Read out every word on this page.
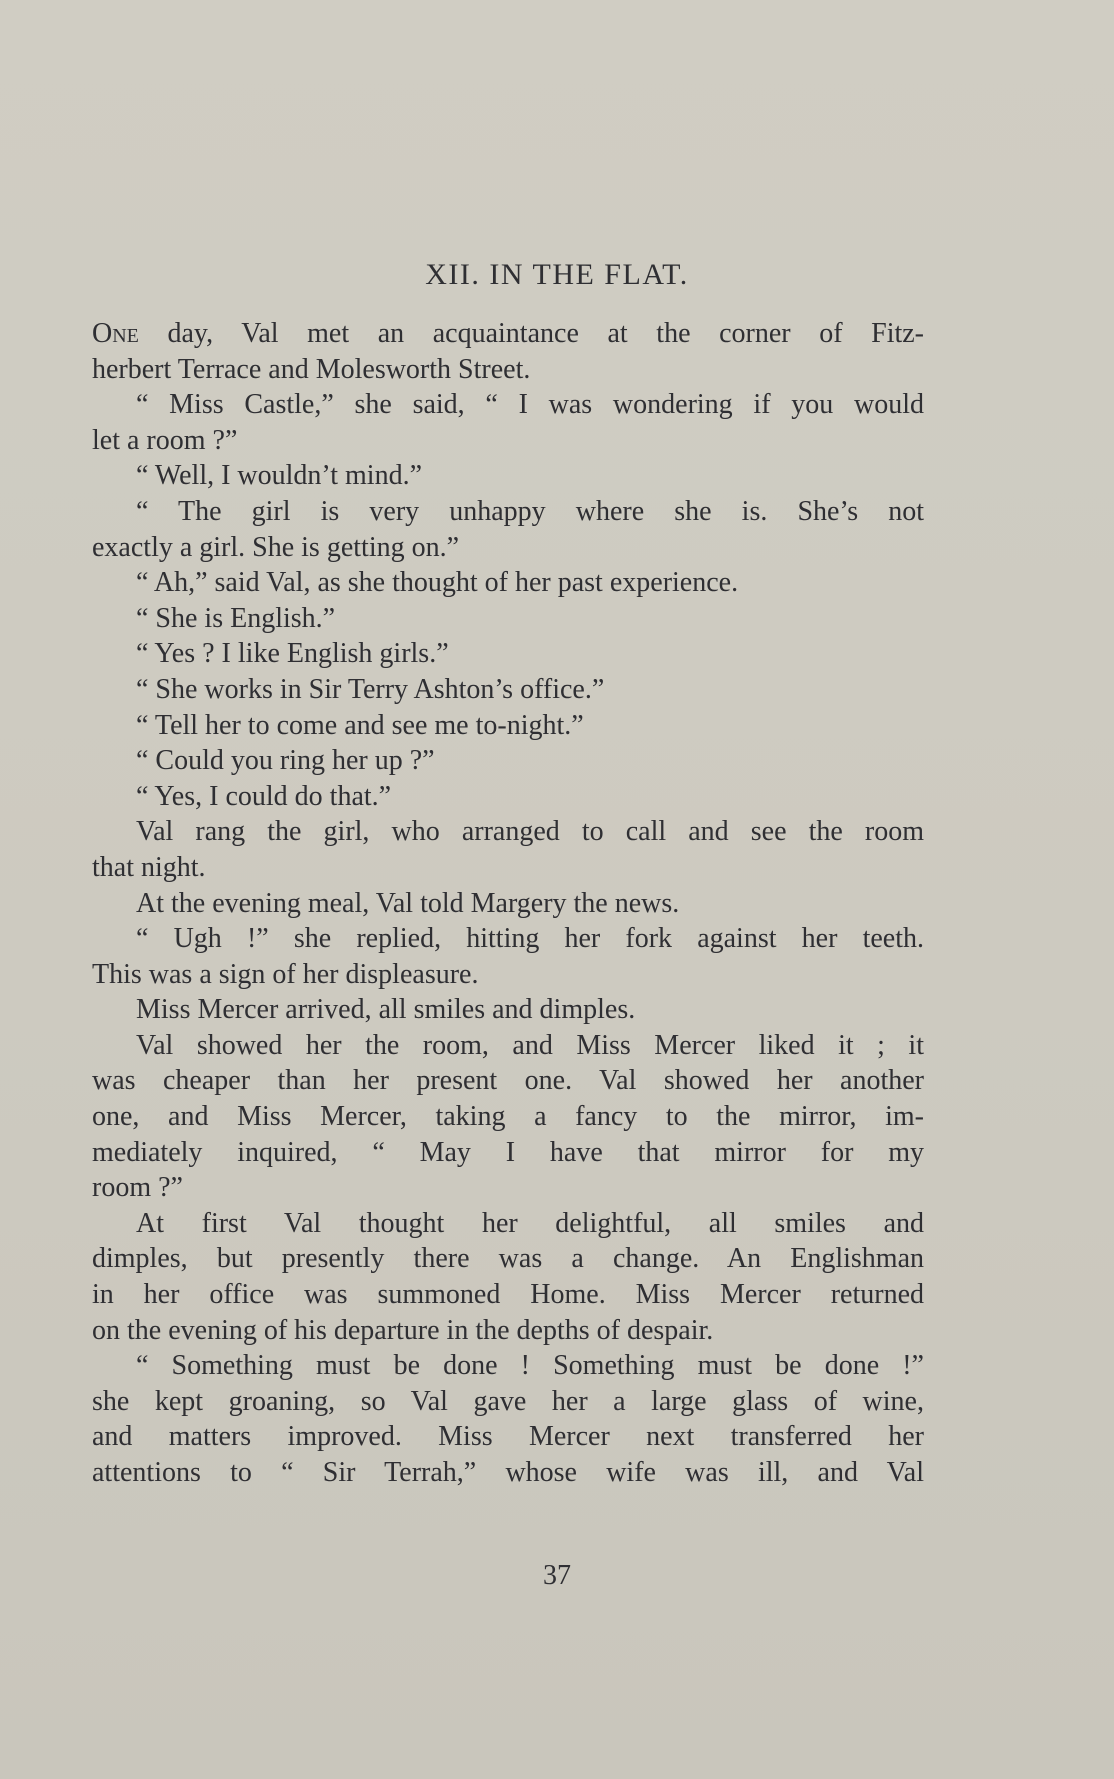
XII. IN THE FLAT.
One day, Val met an acquaintance at the corner of Fitz-
herbert Terrace and Molesworth Street.
“ Miss Castle,” she said, “ I was wondering if you would
let a room ?”
“ Well, I wouldn’t mind.”
“ The girl is very unhappy where she is. She’s not
exactly a girl. She is getting on.”
“ Ah,” said Val, as she thought of her past experience.
“ She is English.”
“ Yes ? I like English girls.”
“ She works in Sir Terry Ashton’s office.”
“ Tell her to come and see me to-night.”
“ Could you ring her up ?”
“ Yes, I could do that.”
Val rang the girl, who arranged to call and see the room
that night.
At the evening meal, Val told Margery the news.
“ Ugh !” she replied, hitting her fork against her teeth.
This was a sign of her displeasure.
Miss Mercer arrived, all smiles and dimples.
Val showed her the room, and Miss Mercer liked it ; it
was cheaper than her present one. Val showed her another
one, and Miss Mercer, taking a fancy to the mirror, im-
mediately inquired, “ May I have that mirror for my
room ?”
At first Val thought her delightful, all smiles and
dimples, but presently there was a change. An Englishman
in her office was summoned Home. Miss Mercer returned
on the evening of his departure in the depths of despair.
“ Something must be done ! Something must be done !”
she kept groaning, so Val gave her a large glass of wine,
and matters improved. Miss Mercer next transferred her
attentions to “ Sir Terrah,” whose wife was ill, and Val
37
